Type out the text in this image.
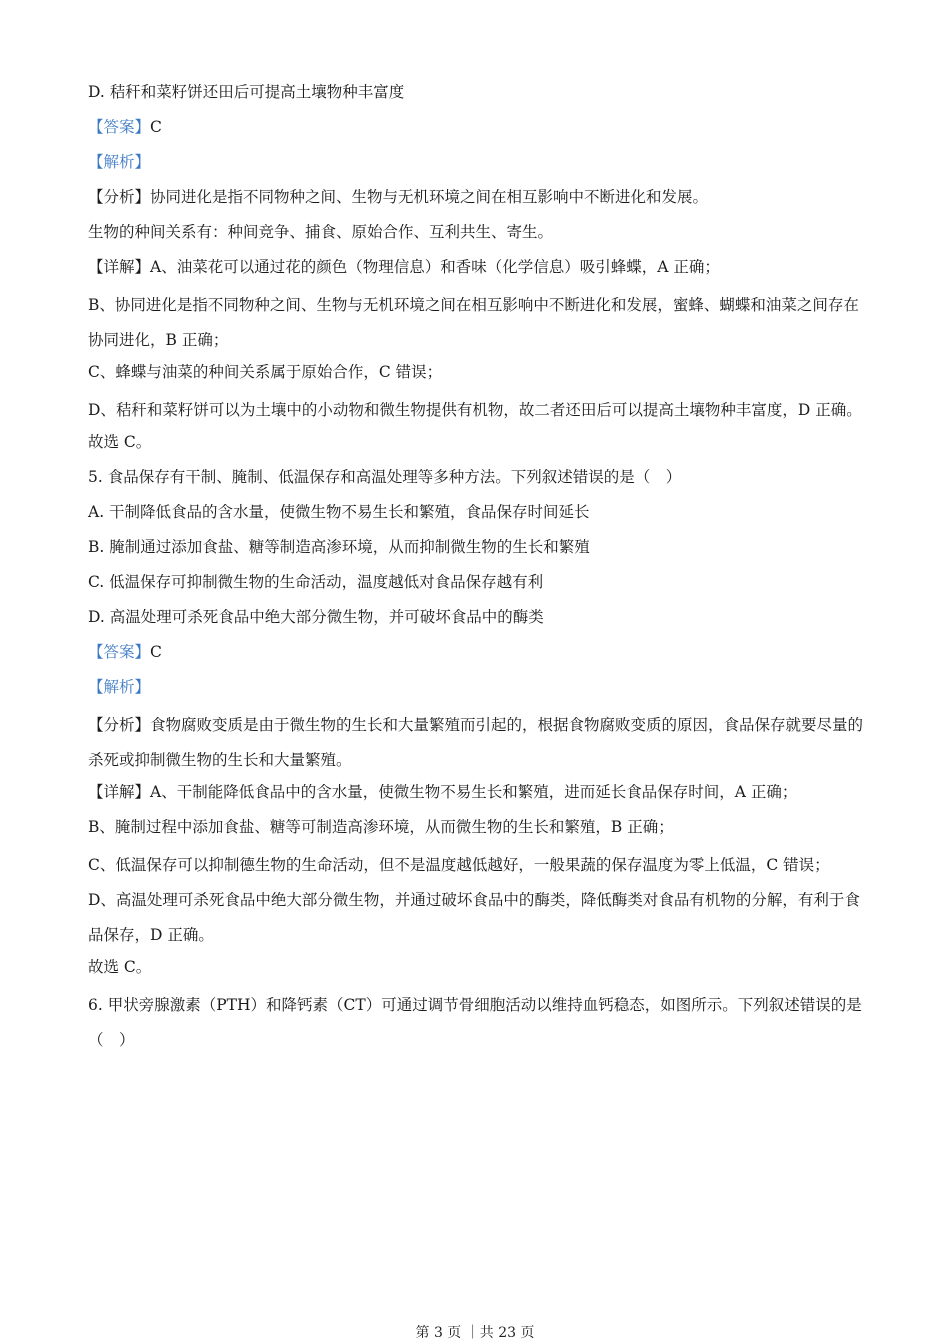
D. 秸秆和菜籽饼还田后可提高土壤物种丰富度
【答案】C
【解析】
【分析】协同进化是指不同物种之间、生物与无机环境之间在相互影响中不断进化和发展。
生物的种间关系有：种间竞争、捕食、原始合作、互利共生、寄生。
【详解】A、油菜花可以通过花的颜色（物理信息）和香味（化学信息）吸引蜂蝶，A 正确；
B、协同进化是指不同物种之间、生物与无机环境之间在相互影响中不断进化和发展，蜜蜂、蝴蝶和油菜之间存在协同进化，B 正确；
C、蜂蝶与油菜的种间关系属于原始合作，C 错误；
D、秸秆和菜籽饼可以为土壤中的小动物和微生物提供有机物，故二者还田后可以提高土壤物种丰富度，D 正确。
故选 C。
5. 食品保存有干制、腌制、低温保存和高温处理等多种方法。下列叙述错误的是（　）
A. 干制降低食品的含水量，使微生物不易生长和繁殖，食品保存时间延长
B. 腌制通过添加食盐、糖等制造高渗环境，从而抑制微生物的生长和繁殖
C. 低温保存可抑制微生物的生命活动，温度越低对食品保存越有利
D. 高温处理可杀死食品中绝大部分微生物，并可破坏食品中的酶类
【答案】C
【解析】
【分析】食物腐败变质是由于微生物的生长和大量繁殖而引起的，根据食物腐败变质的原因，食品保存就要尽量的杀死或抑制微生物的生长和大量繁殖。
【详解】A、干制能降低食品中的含水量，使微生物不易生长和繁殖，进而延长食品保存时间，A 正确；
B、腌制过程中添加食盐、糖等可制造高渗环境，从而微生物的生长和繁殖，B 正确；
C、低温保存可以抑制德生物的生命活动，但不是温度越低越好，一般果蔬的保存温度为零上低温，C 错误；
D、高温处理可杀死食品中绝大部分微生物，并通过破坏食品中的酶类，降低酶类对食品有机物的分解，有利于食品保存，D 正确。
故选 C。
6. 甲状旁腺激素（PTH）和降钙素（CT）可通过调节骨细胞活动以维持血钙稳态，如图所示。下列叙述错误的是（　）
第 3 页 ｜共 23 页
